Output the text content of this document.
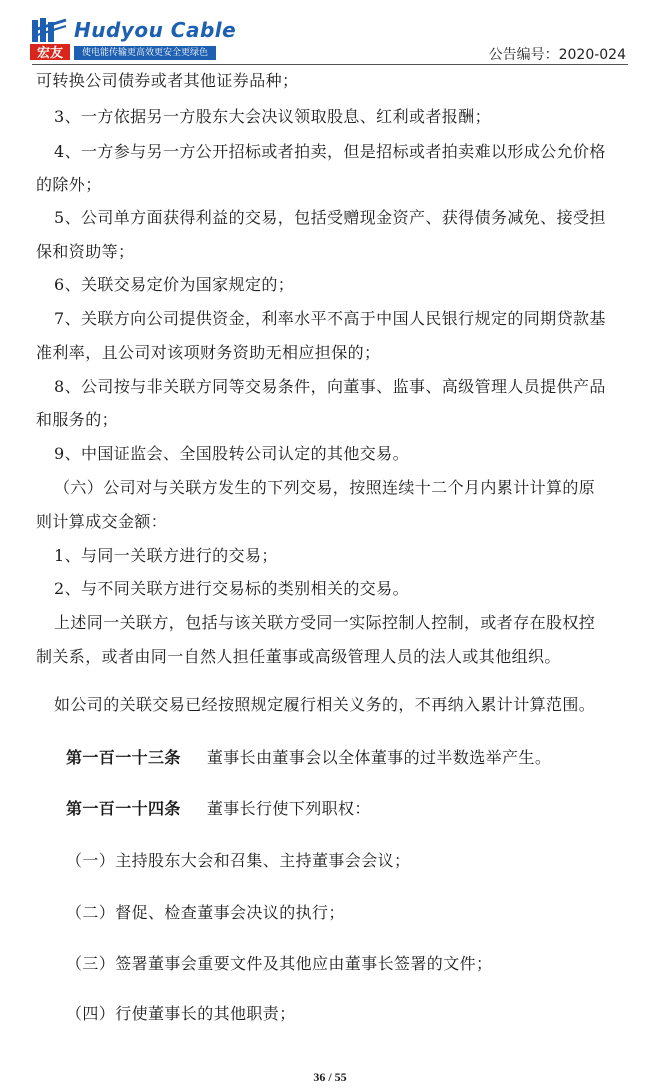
宏友
Hudyou Cable
使电能传输更高效更安全更绿色	公告编号：2020-024
可转换公司债券或者其他证券品种；
3、一方依据另一方股东大会决议领取股息、红利或者报酬；
4、一方参与另一方公开招标或者拍卖，但是招标或者拍卖难以形成公允价格
的除外；
5、公司单方面获得利益的交易，包括受赠现金资产、获得债务减免、接受担
保和资助等；
6、关联交易定价为国家规定的；
7、关联方向公司提供资金，利率水平不高于中国人民银行规定的同期贷款基
准利率，且公司对该项财务资助无相应担保的；
8、公司按与非关联方同等交易条件，向董事、监事、高级管理人员提供产品
和服务的；
9、中国证监会、全国股转公司认定的其他交易。
（六）公司对与关联方发生的下列交易，按照连续十二个月内累计计算的原
则计算成交金额：
1、与同一关联方进行的交易；
2、与不同关联方进行交易标的类别相关的交易。
上述同一关联方，包括与该关联方受同一实际控制人控制，或者存在股权控
制关系，或者由同一自然人担任董事或高级管理人员的法人或其他组织。
如公司的关联交易已经按照规定履行相关义务的，不再纳入累计计算范围。
第一百一十三条 董事长由董事会以全体董事的过半数选举产生。
第一百一十四条 董事长行使下列职权：
（一）主持股东大会和召集、主持董事会会议；
（二）督促、检查董事会决议的执行；
（三）签署董事会重要文件及其他应由董事长签署的文件；
（四）行使董事长的其他职责；
36 / 55
